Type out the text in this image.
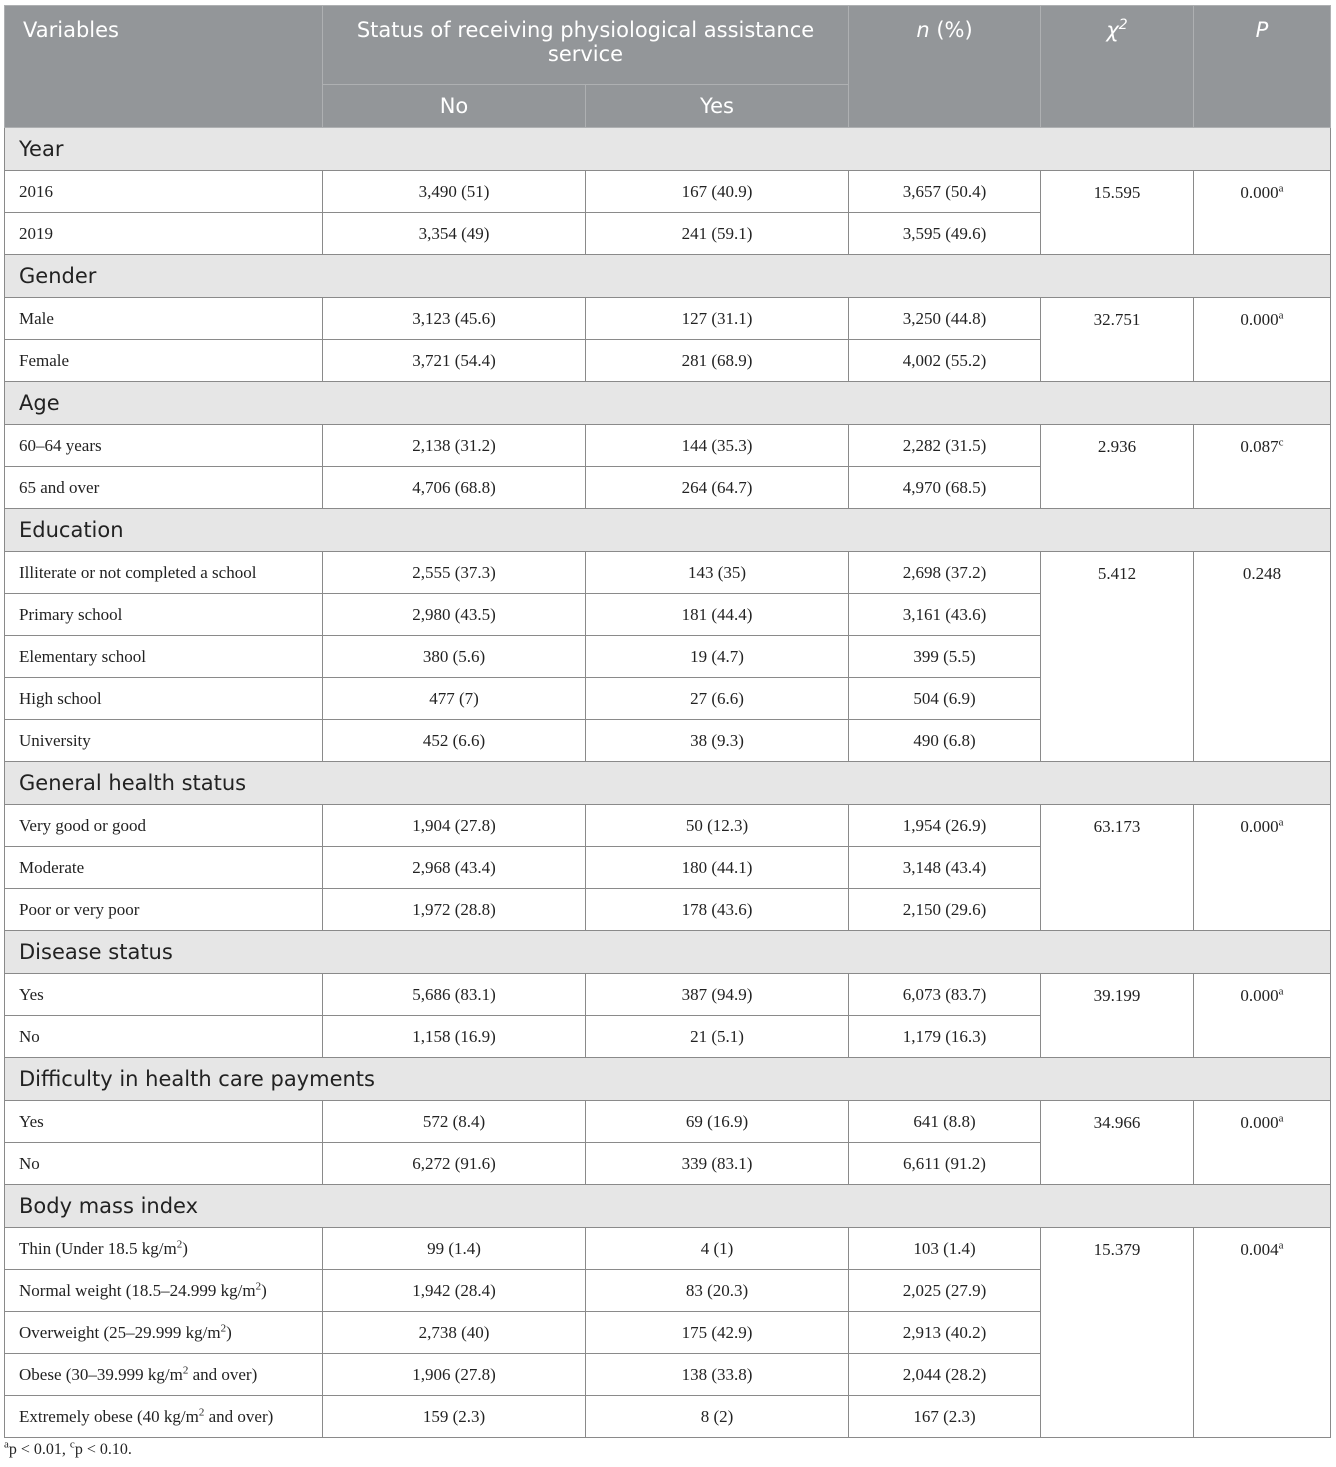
Variables	Status of receiving physiological assistance service		n (%)	$\chi^2$	P
	No	Yes			
Year					
2016	3,490 (51)	167 (40.9)	3,657 (50.4)	15.595	0.000$^a$
2019	3,354 (49)	241 (59.1)	3,595 (49.6)		
Gender					
Male	3,123 (45.6)	127 (31.1)	3,250 (44.8)	32.751	0.000$^a$
Female	3,721 (54.4)	281 (68.9)	4,002 (55.2)		
Age					
60–64 years	2,138 (31.2)	144 (35.3)	2,282 (31.5)	2.936	0.087$^c$
65 and over	4,706 (68.8)	264 (64.7)	4,970 (68.5)		
Education					
Illiterate or not completed a school	2,555 (37.3)	143 (35)	2,698 (37.2)	5.412	0.248
Primary school	2,980 (43.5)	181 (44.4)	3,161 (43.6)		
Elementary school	380 (5.6)	19 (4.7)	399 (5.5)		
High school	477 (7)	27 (6.6)	504 (6.9)		
University	452 (6.6)	38 (9.3)	490 (6.8)		
General health status					
Very good or good	1,904 (27.8)	50 (12.3)	1,954 (26.9)	63.173	0.000$^a$
Moderate	2,968 (43.4)	180 (44.1)	3,148 (43.4)		
Poor or very poor	1,972 (28.8)	178 (43.6)	2,150 (29.6)		
Disease status					
Yes	5,686 (83.1)	387 (94.9)	6,073 (83.7)	39.199	0.000$^a$
No	1,158 (16.9)	21 (5.1)	1,179 (16.3)		
Difficulty in health care payments					
Yes	572 (8.4)	69 (16.9)	641 (8.8)	34.966	0.000$^a$
No	6,272 (91.6)	339 (83.1)	6,611 (91.2)		
Body mass index					
Thin (Under 18.5 $kg/m^2$)	99 (1.4)	4 (1)	103 (1.4)	15.379	0.004$^a$
Normal weight (18.5–24.999 $kg/m^2$)	1,942 (28.4)	83 (20.3)	2,025 (27.9)		
Overweight (25–29.999 $kg/m^2$)	2,738 (40)	175 (42.9)	2,913 (40.2)		
Obese (30–39.999 $kg/m^2$ and over)	1,906 (27.8)	138 (33.8)	2,044 (28.2)		
Extremely obese (40 $kg/m^2$ and over)	159 (2.3)	8 (2)	167 (2.3)		
$^a$p < 0.01, $^c$p < 0.10.
